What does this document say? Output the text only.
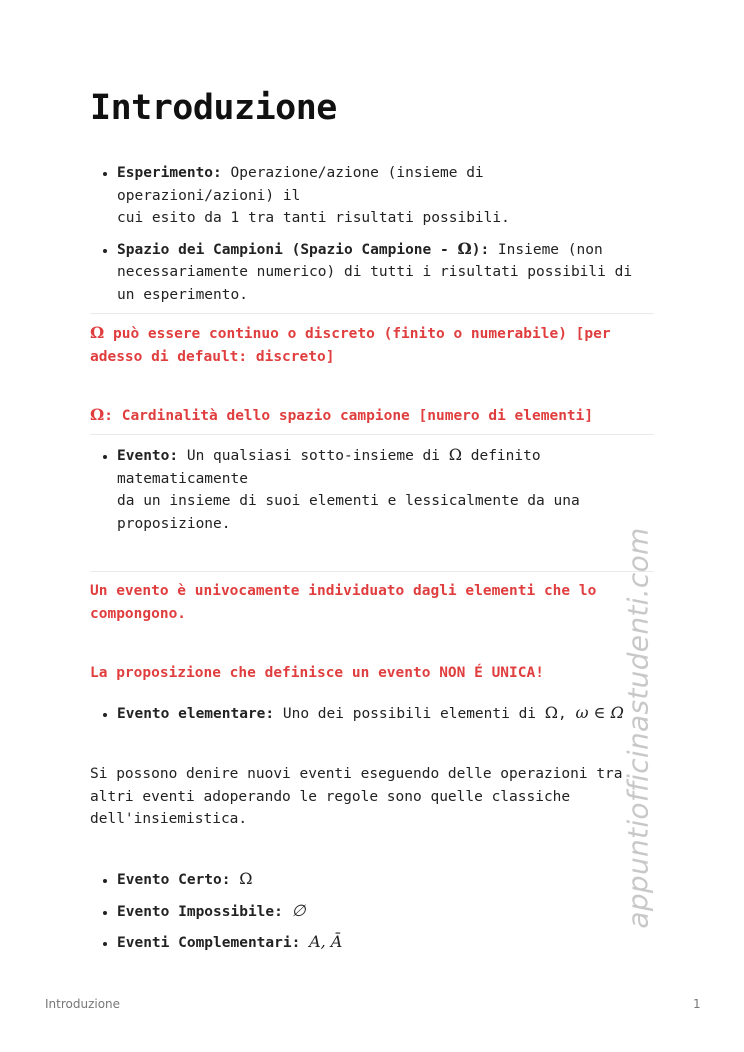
Introduzione
• Esperimento: Operazione/azione (insieme di
operazioni/azioni) il
cui esito da 1 tra tanti risultati possibili.
• Spazio dei Campioni (Spazio Campione - Ω): Insieme (non
necessariamente numerico) di tutti i risultati possibili di
un esperimento.

Ω può essere continuo o discreto (finito o numerabile) [per
adesso di default: discreto]

Ω: Cardinalità dello spazio campione [numero di elementi]

• Evento: Un qualsiasi sotto-insieme di Ω definito
matematicamente
da un insieme di suoi elementi e lessicalmente da una
proposizione.

Un evento è univocamente individuato dagli elementi che lo
compongono.

La proposizione che definisce un evento NON É UNICA!

• Evento elementare: Uno dei possibili elementi di Ω, ω ∈ Ω

Si possono denire nuovi eventi eseguendo delle operazioni tra
altri eventi adoperando le regole sono quelle classiche
dell'insiemistica.

• Evento Certo: Ω
• Evento Impossibile: ∅
• Eventi Complementari: A, Ā
appuntiofficinastudenti.com
Introduzione	1
